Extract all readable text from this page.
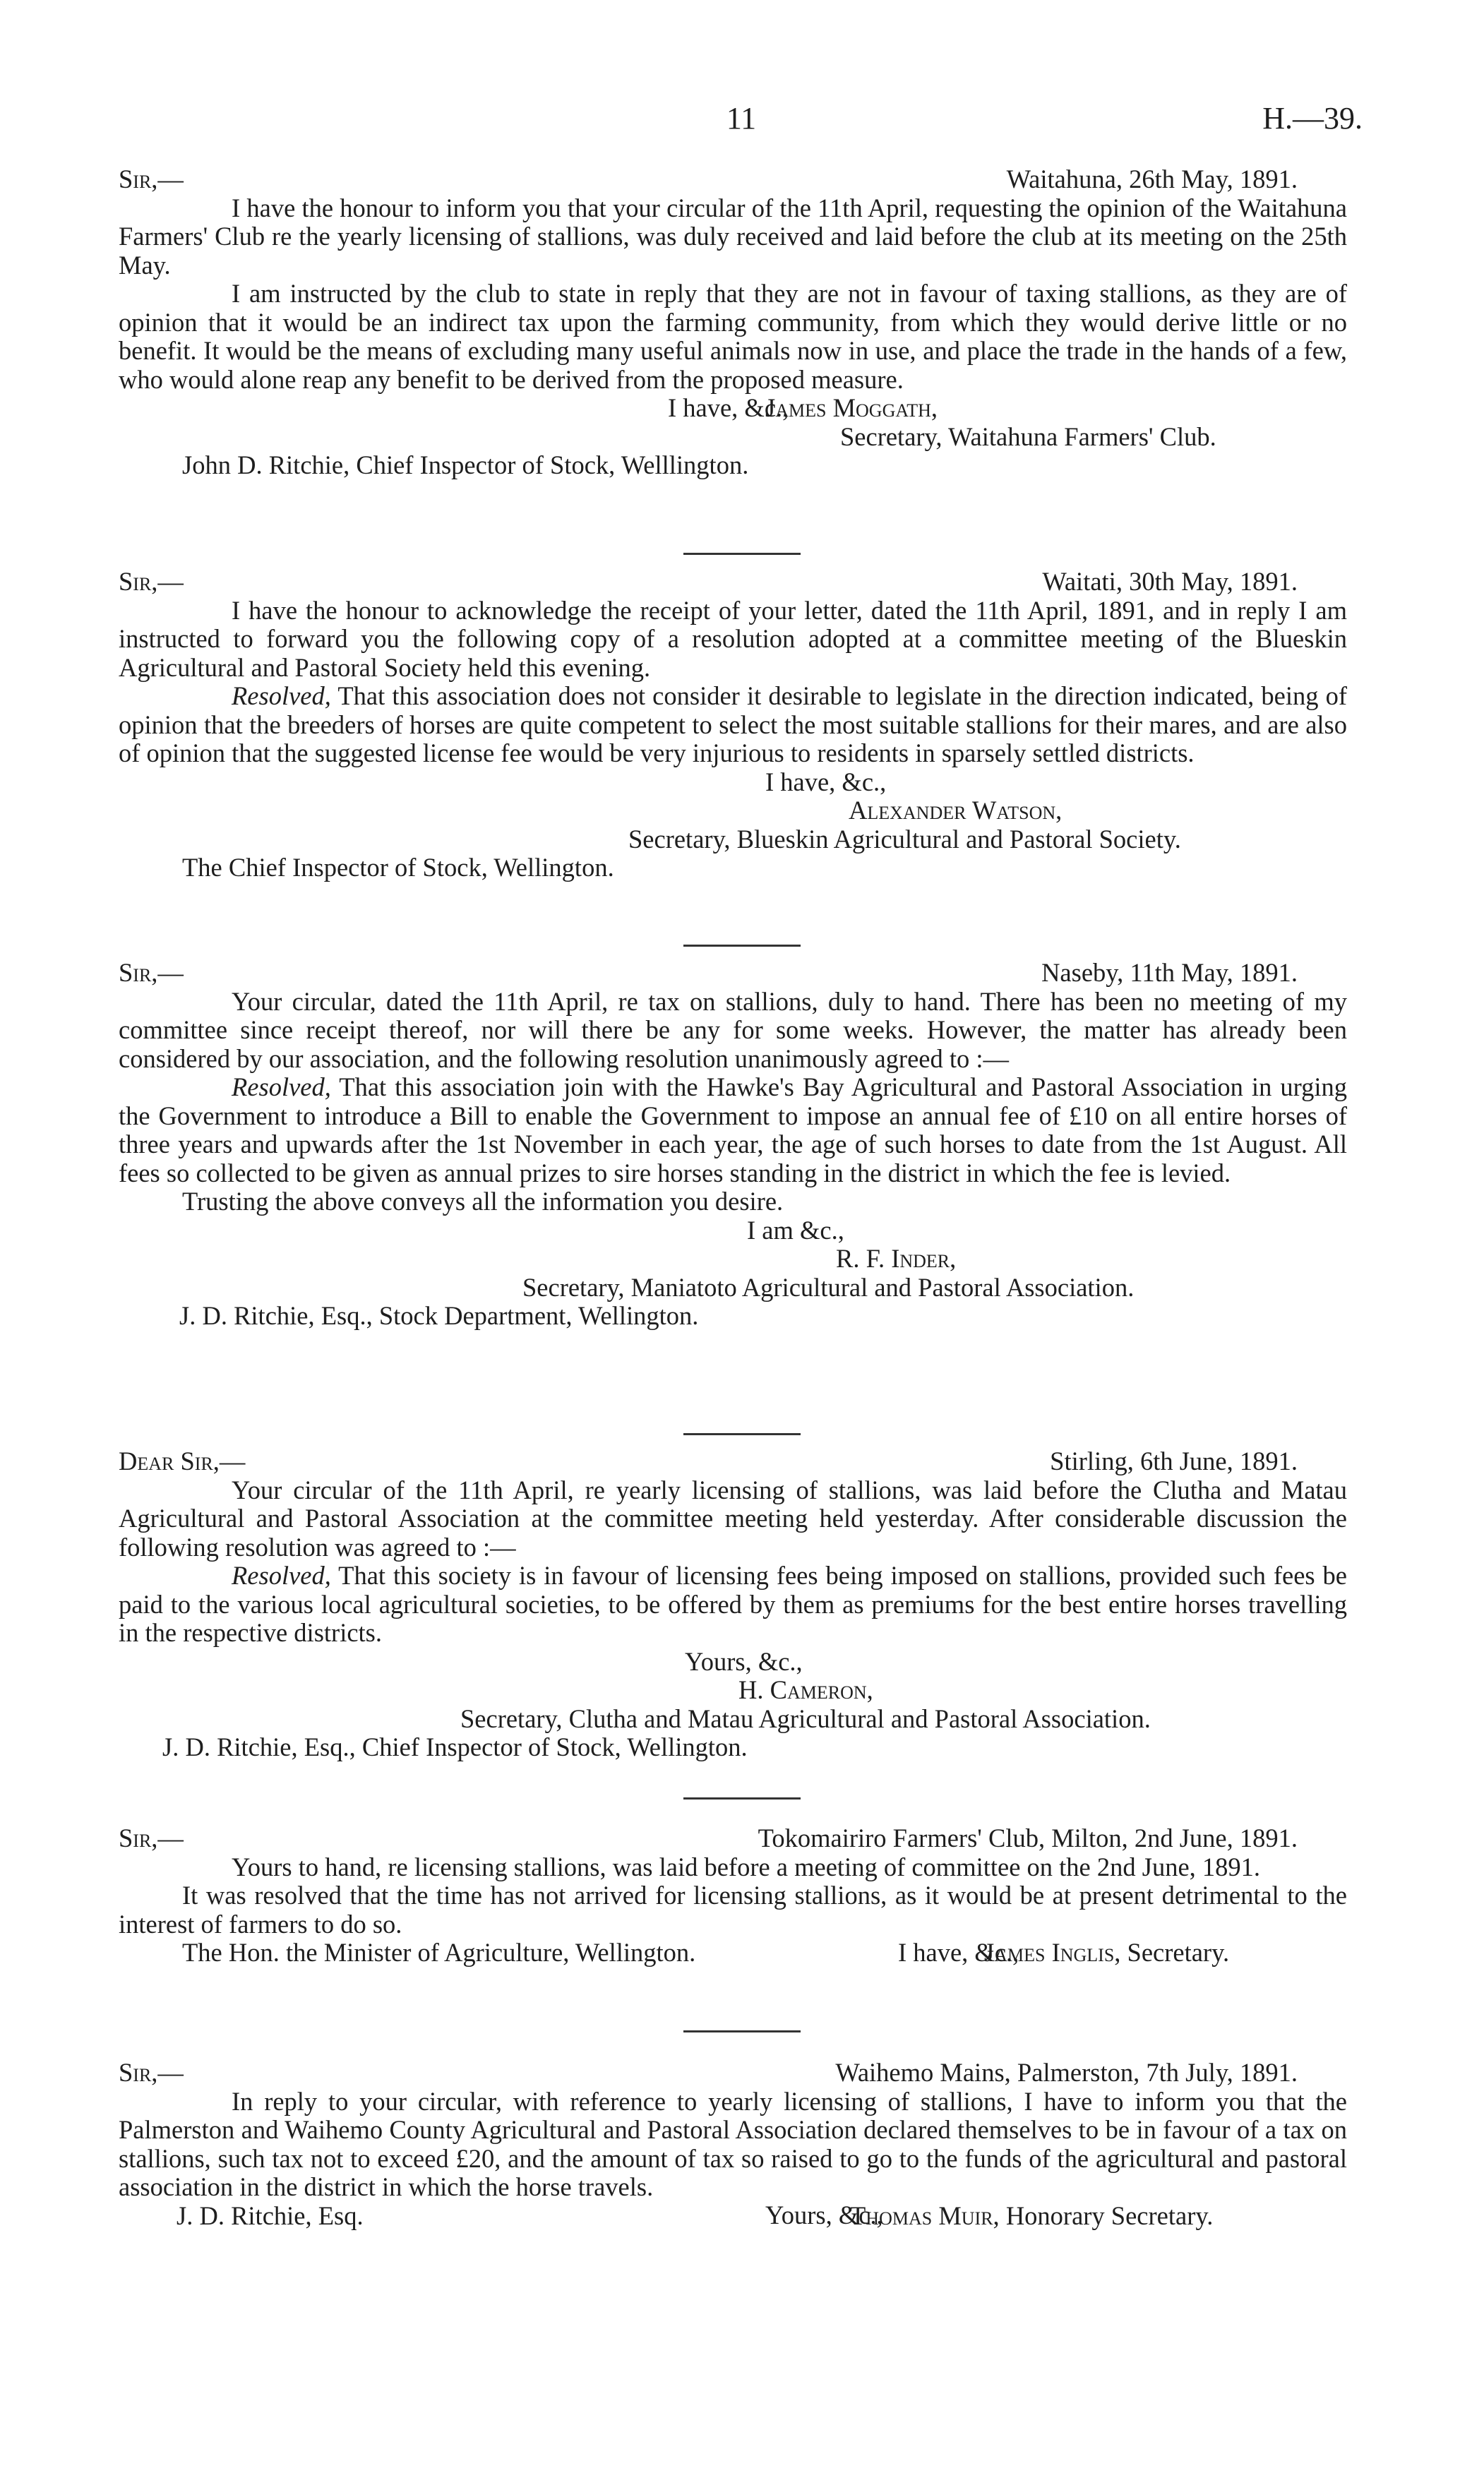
11	H.—39.
Sir,—	Waitahuna, 26th May, 1891.

I have the honour to inform you that your circular of the 11th April, requesting the opinion of the Waitahuna Farmers' Club re the yearly licensing of stallions, was duly received and laid before the club at its meeting on the 25th May.

I am instructed by the club to state in reply that they are not in favour of taxing stallions, as they are of opinion that it would be an indirect tax upon the farming community, from which they would derive little or no benefit. It would be the means of excluding many useful animals now in use, and place the trade in the hands of a few, who would alone reap any benefit to be derived from the proposed measure.

I have, &c.,
James Moggath,
Secretary, Waitahuna Farmers' Club.
John D. Ritchie, Chief Inspector of Stock, Welllington.
Sir,—	Waitati, 30th May, 1891.

I have the honour to acknowledge the receipt of your letter, dated the 11th April, 1891, and in reply I am instructed to forward you the following copy of a resolution adopted at a committee meeting of the Blueskin Agricultural and Pastoral Society held this evening.

Resolved, That this association does not consider it desirable to legislate in the direction indicated, being of opinion that the breeders of horses are quite competent to select the most suitable stallions for their mares, and are also of opinion that the suggested license fee would be very injurious to residents in sparsely settled districts.

I have, &c.,
Alexander Watson,
Secretary, Blueskin Agricultural and Pastoral Society.
The Chief Inspector of Stock, Wellington.
Sir,—	Naseby, 11th May, 1891.

Your circular, dated the 11th April, re tax on stallions, duly to hand. There has been no meeting of my committee since receipt thereof, nor will there be any for some weeks. However, the matter has already been considered by our association, and the following resolution unanimously agreed to :—

Resolved, That this association join with the Hawke's Bay Agricultural and Pastoral Association in urging the Government to introduce a Bill to enable the Government to impose an annual fee of £10 on all entire horses of three years and upwards after the 1st November in each year, the age of such horses to date from the 1st August. All fees so collected to be given as annual prizes to sire horses standing in the district in which the fee is levied.

Trusting the above conveys all the information you desire.

I am &c.,
R. F. Inder,
Secretary, Maniatoto Agricultural and Pastoral Association.
J. D. Ritchie, Esq., Stock Department, Wellington.
Dear Sir,—	Stirling, 6th June, 1891.

Your circular of the 11th April, re yearly licensing of stallions, was laid before the Clutha and Matau Agricultural and Pastoral Association at the committee meeting held yesterday. After considerable discussion the following resolution was agreed to :—

Resolved, That this society is in favour of licensing fees being imposed on stallions, provided such fees be paid to the various local agricultural societies, to be offered by them as premiums for the best entire horses travelling in the respective districts.

Yours, &c.,
H. Cameron,
Secretary, Clutha and Matau Agricultural and Pastoral Association.
J. D. Ritchie, Esq., Chief Inspector of Stock, Wellington.
Sir,—	Tokomairiro Farmers' Club, Milton, 2nd June, 1891.

Yours to hand, re licensing stallions, was laid before a meeting of committee on the 2nd June, 1891.

It was resolved that the time has not arrived for licensing stallions, as it would be at present detrimental to the interest of farmers to do so.

I have, &c.,
The Hon. the Minister of Agriculture, Wellington.	James Inglis, Secretary.
Sir,—	Waihemo Mains, Palmerston, 7th July, 1891.

In reply to your circular, with reference to yearly licensing of stallions, I have to inform you that the Palmerston and Waihemo County Agricultural and Pastoral Association declared themselves to be in favour of a tax on stallions, such tax not to exceed £20, and the amount of tax so raised to go to the funds of the agricultural and pastoral association in the district in which the horse travels.

Yours, &c.,
J. D. Ritchie, Esq.	Thomas Muir, Honorary Secretary.
